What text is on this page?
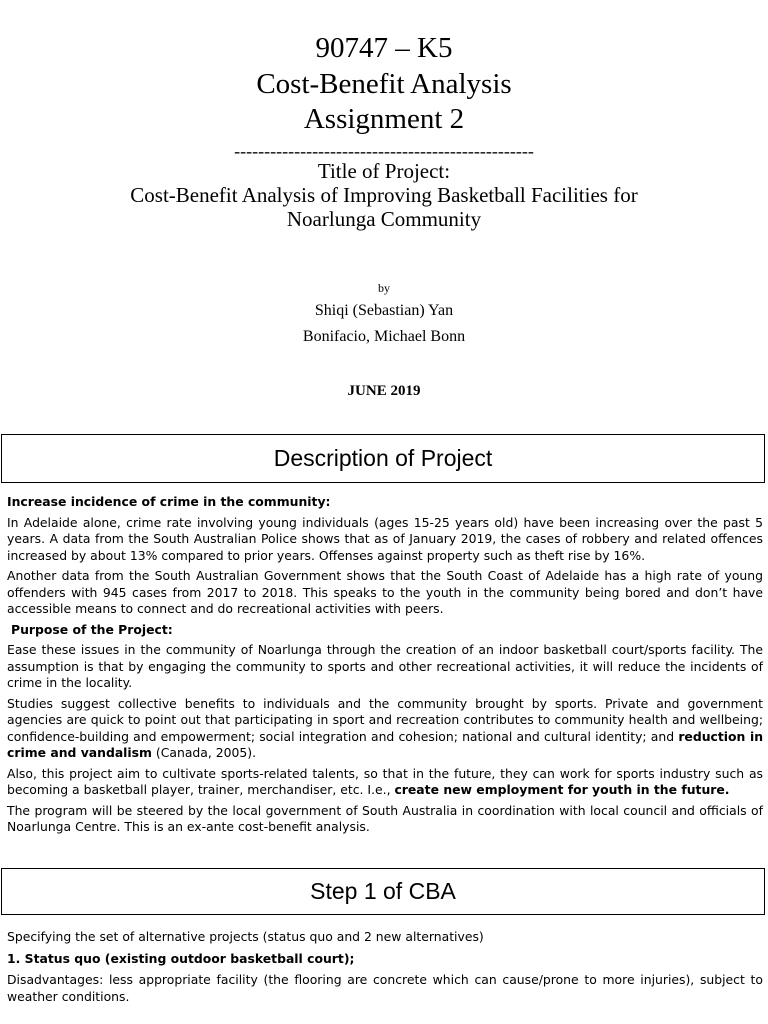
90747 – K5
Cost-Benefit Analysis
Assignment 2
--------------------------------------------------
Title of Project:
Cost-Benefit Analysis of Improving Basketball Facilities for
Noarlunga Community
by
Shiqi (Sebastian) Yan
Bonifacio, Michael Bonn
JUNE 2019
Description of Project

Increase incidence of crime in the community:

In Adelaide alone, crime rate involving young individuals (ages 15-25 years old) have been increasing over the past 5 years. A data from the South Australian Police shows that as of January 2019, the cases of robbery and related offences increased by about 13% compared to prior years. Offenses against property such as theft rise by 16%.

Another data from the South Australian Government shows that the South Coast of Adelaide has a high rate of young offenders with 945 cases from 2017 to 2018. This speaks to the youth in the community being bored and don’t have accessible means to connect and do recreational activities with peers.

Purpose of the Project:

Ease these issues in the community of Noarlunga through the creation of an indoor basketball court/sports facility. The assumption is that by engaging the community to sports and other recreational activities, it will reduce the incidents of crime in the locality.

Studies suggest collective benefits to individuals and the community brought by sports. Private and government agencies are quick to point out that participating in sport and recreation contributes to community health and wellbeing; confidence-building and empowerment; social integration and cohesion; national and cultural identity; and reduction in crime and vandalism (Canada, 2005).

Also, this project aim to cultivate sports-related talents, so that in the future, they can work for sports industry such as becoming a basketball player, trainer, merchandiser, etc. I.e., create new employment for youth in the future.

The program will be steered by the local government of South Australia in coordination with local council and officials of Noarlunga Centre. This is an ex-ante cost-benefit analysis.

Step 1 of CBA

Specifying the set of alternative projects (status quo and 2 new alternatives)

1. Status quo (existing outdoor basketball court);

Disadvantages: less appropriate facility (the flooring are concrete which can cause/prone to more injuries), subject to weather conditions.
